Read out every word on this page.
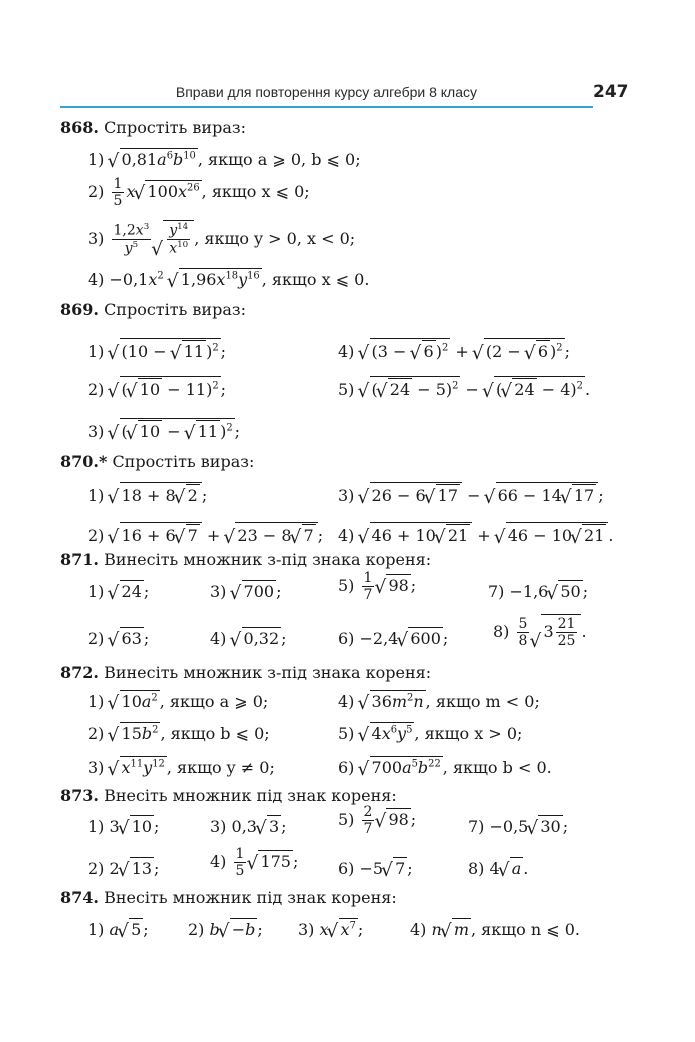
Вправи для повторення курсу алгебри 8 класу	247
868. Спростіть вираз:
1) √ $0,81a^6b^{10}$ , якщо a ⩾ 0, b ⩽ 0;
$2) \frac{1}{5} x√$ $100x^{26}$ , якщо x ⩽ 0;
$3) \frac{1,2x^3}{y^5}$
√ $\frac{y^{14}}{x^{10}}$ , якщо y > 0, x < 0;
$4) -0,1x^2$ √ $1,96x^{18}y^{16}$ , якщо x ⩽ 0.
869. Спростіть вираз:
1) √ (10 − √ 11 )$^2$ ;	4) √ (3 − √ 6 )$^2$ + √ (2 − √ 6 )$^2$ ;
2) √ (√ 10 − 11)$^2$ ;	5) √ (√ 24 − 5)$^2$ − √ (√ 24 − 4)$^2$ .
3) √ (√ 10 − √ 11 )$^2$ ;
870.* Спростіть вираз:
1) √ 18 + 8√ 2 ;	3) √ 26 − 6√ 17 − √ 66 − 14√ 17 ;
2) √ 16 + 6√ 7 + √ 23 − 8√ 7 ; 4) √ 46 + 10√ 21 + √ 46 − 10√ 21 .
871. Винесіть множник з-під знака кореня:
1) √ 24 ;	3) √ 700 ;	$5) \frac{1}{7}$
√ 98 ;	7) −1,6√ 50 ;
2) √ 63 ;	4) √ 0,32 ;	6) −2,4√ 600 ;	$8) \frac{5}{8}$
√ $3 \frac{21}{25}$ .
872. Винесіть множник з-під знака кореня:
1) √ $10a^2$ , якщо a ⩾ 0;	4) √ $36m^2n$ , якщо m < 0;
2) √ $15b^2$ , якщо b ⩽ 0;	5) √ $4x^6y^5$ , якщо x > 0;
3) √ $x^{11}y^{12}$ , якщо y ≠ 0;	6) √ $700a^5b^{22}$ , якщо b < 0.
873. Внесіть множник під знак кореня:
1) 3√ 10 ;	3) 0,3√ 3 ;	$5) \frac{2}{7}$
√ 98 ;	7) −0,5√ 30 ;
2) 2√ 13 ;	$4) \frac{1}{5}$
√ 175 ; 6) −5√ 7 ;	8) 4√ a .
874. Внесіть множник під знак кореня:
1) a√ 5 ; 2) b√ −b ; 3) x√ $x^7$ ;	4) n√ m , якщо n ⩽ 0.
